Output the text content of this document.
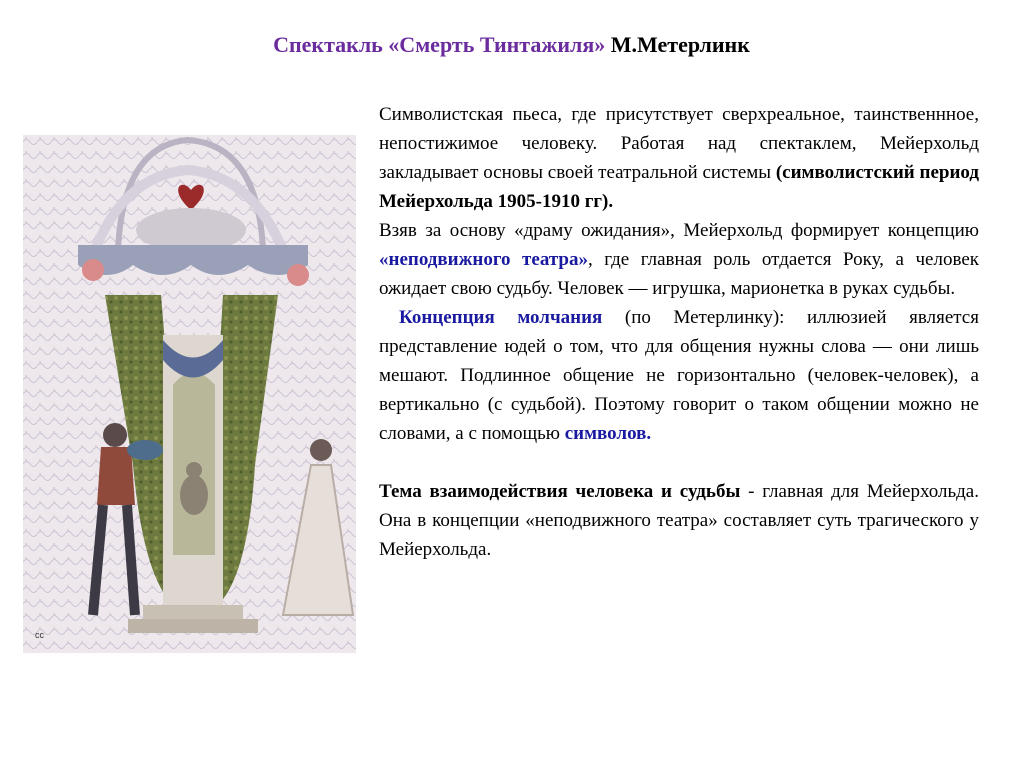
Спектакль «Смерть Тинтажиля» М.Метерлинк
cc

Символистская пьеса, где присутствует сверхреальное, таинственнное, непостижимое человеку. Работая над спектаклем, Мейерхольд закладывает основы своей театральной системы (символистский период Мейерхольда 1905-1910 гг).

Взяв за основу «драму ожидания», Мейерхольд формирует концепцию «неподвижного театра», где главная роль отдается Року, а человек ожидает свою судьбу. Человек — игрушка, марионетка в руках судьбы.

Концепция молчания (по Метерлинку): иллюзией является представление юдей о том, что для общения нужны слова — они лишь мешают. Подлинное общение не горизонтально (человек-человек), а вертикально (с судьбой). Поэтому говорит о таком общении можно не словами, а с помощью символов.

Тема взаимодействия человека и судьбы - главная для Мейерхольда. Она в концепции «неподвижного театра» составляет суть трагического у Мейерхольда.
